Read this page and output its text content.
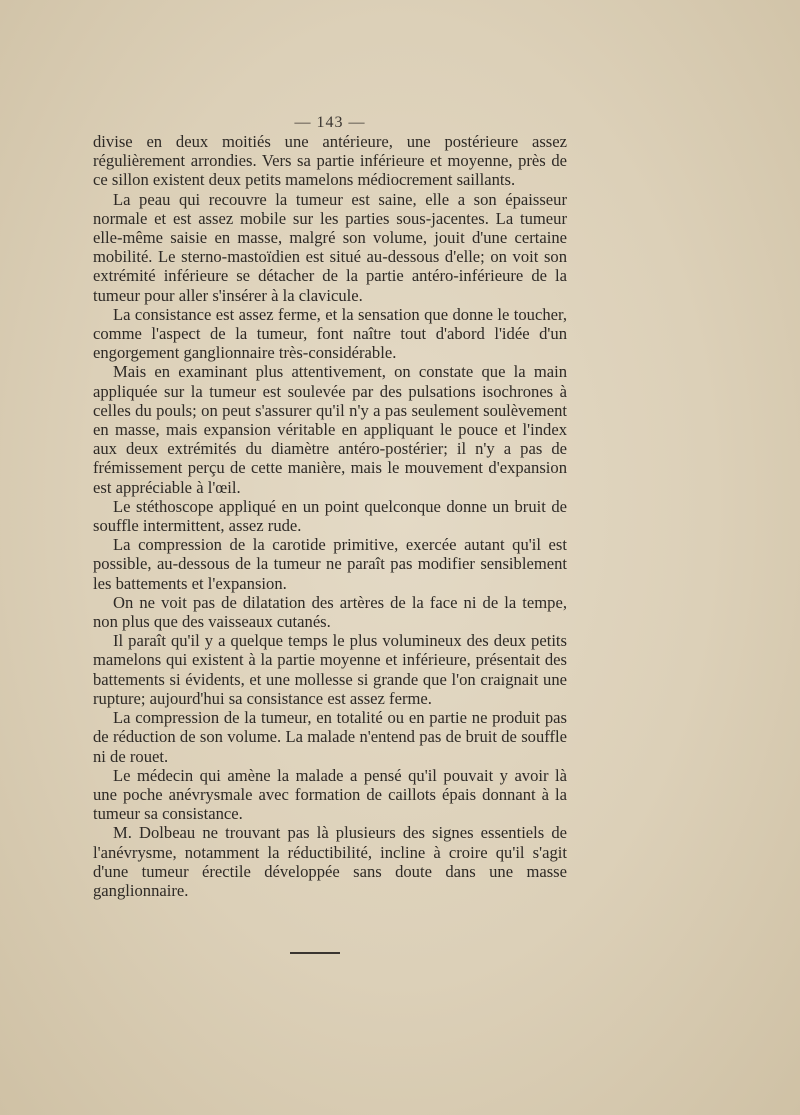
— 143 —

divise en deux moitiés une antérieure, une postérieure assez régulièrement arrondies. Vers sa partie inférieure et moyenne, près de ce sillon existent deux petits mamelons médiocrement saillants.

La peau qui recouvre la tumeur est saine, elle a son épaisseur normale et est assez mobile sur les parties sous-jacentes. La tumeur elle-même saisie en masse, malgré son volume, jouit d'une certaine mobilité. Le sterno-mastoïdien est situé au-dessous d'elle; on voit son extrémité inférieure se détacher de la partie antéro-inférieure de la tumeur pour aller s'insérer à la clavicule.

La consistance est assez ferme, et la sensation que donne le toucher, comme l'aspect de la tumeur, font naître tout d'abord l'idée d'un engorgement ganglionnaire très-considérable.

Mais en examinant plus attentivement, on constate que la main appliquée sur la tumeur est soulevée par des pulsations isochrones à celles du pouls; on peut s'assurer qu'il n'y a pas seulement soulèvement en masse, mais expansion véritable en appliquant le pouce et l'index aux deux extrémités du diamètre antéro-postérier; il n'y a pas de frémissement perçu de cette manière, mais le mouvement d'expansion est appréciable à l'œil.

Le stéthoscope appliqué en un point quelconque donne un bruit de souffle intermittent, assez rude.

La compression de la carotide primitive, exercée autant qu'il est possible, au-dessous de la tumeur ne paraît pas modifier sensiblement les battements et l'expansion.

On ne voit pas de dilatation des artères de la face ni de la tempe, non plus que des vaisseaux cutanés.

Il paraît qu'il y a quelque temps le plus volumineux des deux petits mamelons qui existent à la partie moyenne et inférieure, présentait des battements si évidents, et une mollesse si grande que l'on craignait une rupture; aujourd'hui sa consistance est assez ferme.

La compression de la tumeur, en totalité ou en partie ne produit pas de réduction de son volume. La malade n'entend pas de bruit de souffle ni de rouet.

Le médecin qui amène la malade a pensé qu'il pouvait y avoir là une poche anévrysmale avec formation de caillots épais donnant à la tumeur sa consistance.

M. Dolbeau ne trouvant pas là plusieurs des signes essentiels de l'anévrysme, notamment la réductibilité, incline à croire qu'il s'agit d'une tumeur érectile développée sans doute dans une masse ganglionnaire.
